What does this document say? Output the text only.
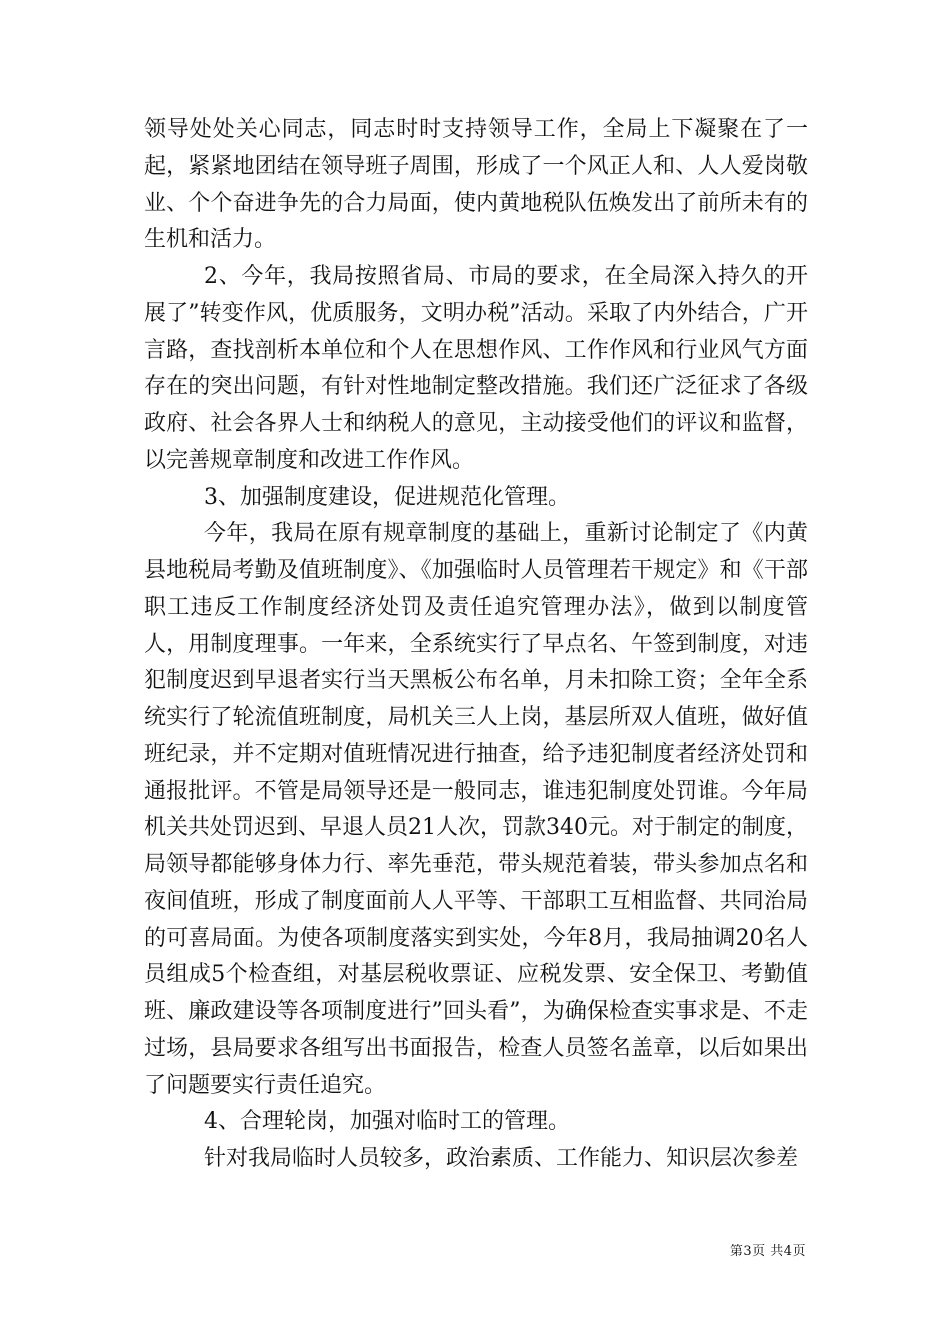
领导处处关心同志，同志时时支持领导工作，全局上下凝聚在了一起，紧紧地团结在领导班子周围，形成了一个风正人和、人人爱岗敬业、个个奋进争先的合力局面，使内黄地税队伍焕发出了前所未有的生机和活力。

2、今年，我局按照省局、市局的要求，在全局深入持久的开展了”转变作风，优质服务，文明办税”活动。采取了内外结合，广开言路，查找剖析本单位和个人在思想作风、工作作风和行业风气方面存在的突出问题，有针对性地制定整改措施。我们还广泛征求了各级政府、社会各界人士和纳税人的意见，主动接受他们的评议和监督，以完善规章制度和改进工作作风。

3、加强制度建设，促进规范化管理。

今年，我局在原有规章制度的基础上，重新讨论制定了《内黄县地税局考勤及值班制度》、《加强临时人员管理若干规定》和《干部职工违反工作制度经济处罚及责任追究管理办法》，做到以制度管人，用制度理事。一年来，全系统实行了早点名、午签到制度，对违犯制度迟到早退者实行当天黑板公布名单，月未扣除工资；全年全系统实行了轮流值班制度，局机关三人上岗，基层所双人值班，做好值班纪录，并不定期对值班情况进行抽查，给予违犯制度者经济处罚和通报批评。不管是局领导还是一般同志，谁违犯制度处罚谁。今年局机关共处罚迟到、早退人员21人次，罚款340元。对于制定的制度，局领导都能够身体力行、率先垂范，带头规范着装，带头参加点名和夜间值班，形成了制度面前人人平等、干部职工互相监督、共同治局的可喜局面。为使各项制度落实到实处，今年8月，我局抽调20名人员组成5个检查组，对基层税收票证、应税发票、安全保卫、考勤值班、廉政建设等各项制度进行”回头看”，为确保检查实事求是、不走过场，县局要求各组写出书面报告，检查人员签名盖章，以后如果出了问题要实行责任追究。

4、合理轮岗，加强对临时工的管理。

针对我局临时人员较多，政治素质、工作能力、知识层次参差

第3页 共4页
